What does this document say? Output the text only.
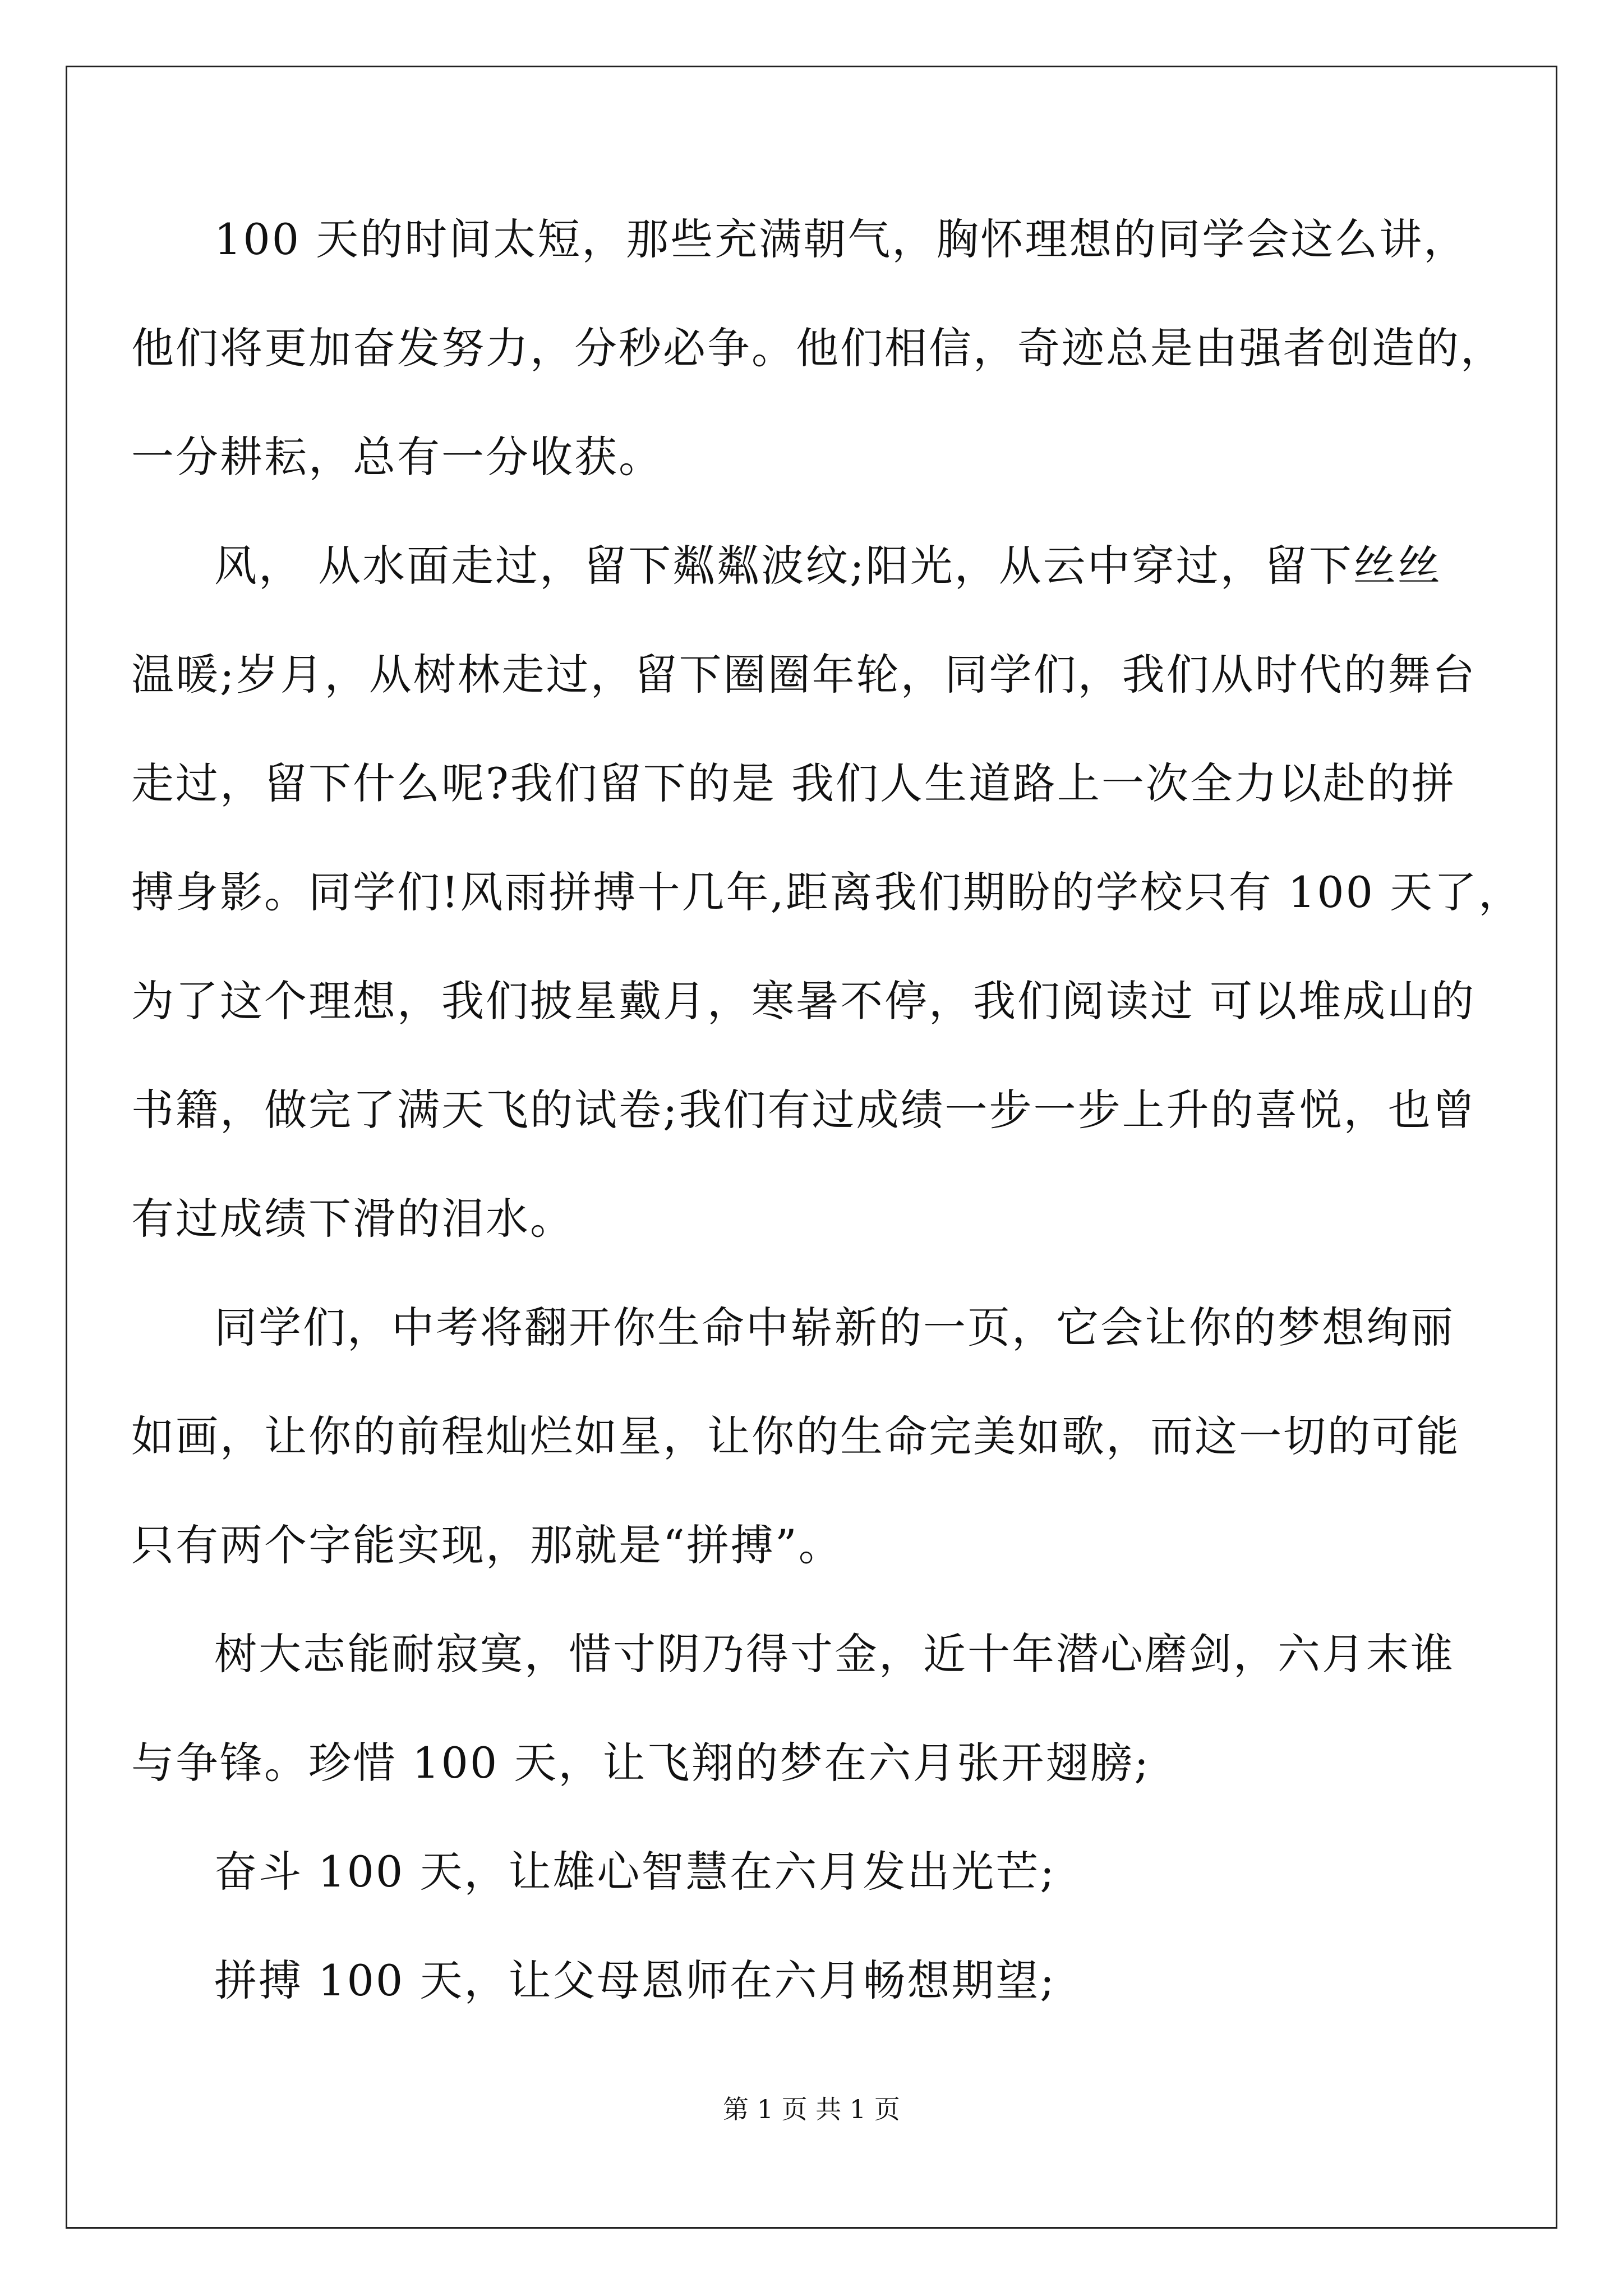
100 天的时间太短，那些充满朝气，胸怀理想的同学会这么讲，
他们将更加奋发努力，分秒必争。他们相信，奇迹总是由强者创造的，
一分耕耘，总有一分收获。
风， 从水面走过，留下粼粼波纹;阳光，从云中穿过，留下丝丝
温暖;岁月，从树林走过，留下圈圈年轮，同学们，我们从时代的舞台
走过，留下什么呢?我们留下的是 我们人生道路上一次全力以赴的拼
搏身影。同学们!风雨拼搏十几年,距离我们期盼的学校只有 100 天了，
为了这个理想，我们披星戴月，寒暑不停，我们阅读过 可以堆成山的
书籍，做完了满天飞的试卷;我们有过成绩一步一步上升的喜悦，也曾
有过成绩下滑的泪水。
同学们，中考将翻开你生命中崭新的一页，它会让你的梦想绚丽
如画，让你的前程灿烂如星，让你的生命完美如歌，而这一切的可能
只有两个字能实现，那就是“拼搏”。
树大志能耐寂寞，惜寸阴乃得寸金，近十年潜心磨剑，六月末谁
与争锋。珍惜 100 天，让飞翔的梦在六月张开翅膀;
奋斗 100 天，让雄心智慧在六月发出光芒;
拼搏 100 天，让父母恩师在六月畅想期望;
第 1 页 共 1 页
